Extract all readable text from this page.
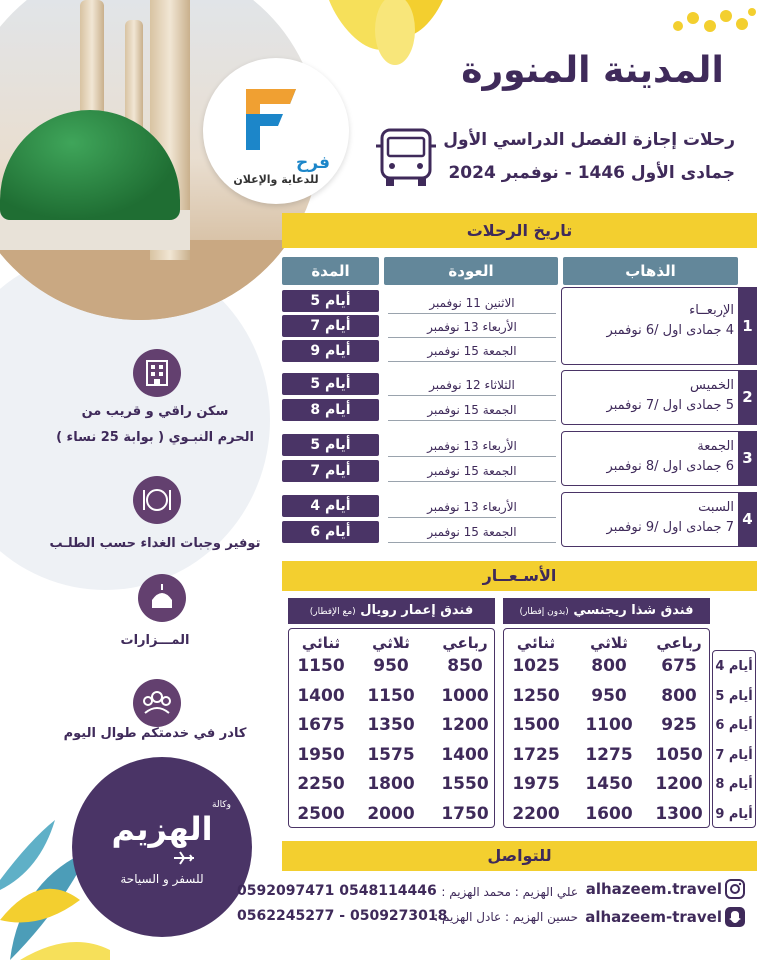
فرح
للدعاية والإعلان
المدينة المنورة
رحلات إجازة الفصل الدراسي الأول
جمادى الأول 1446 - نوفمبر 2024
تاريخ الرحلات
الذهاب
العودة
المدة
1
الإربعــاء
4 جمادى اول /6 نوفمبر
الاثنين 11 نوفمبر
الأربعاء 13 نوفمبر
الجمعة 15 نوفمبر
5 أيام
7 أيام
9 أيام
2
الخميس
5 جمادى اول /7 نوفمبر
الثلاثاء 12 نوفمبر
الجمعة 15 نوفمبر
5 أيام
8 أيام
3
الجمعة
6 جمادى اول /8 نوفمبر
الأربعاء 13 نوفمبر
الجمعة 15 نوفمبر
5 أيام
7 أيام
4
السبت
7 جمادى اول /9 نوفمبر
الأربعاء 13 نوفمبر
الجمعة 15 نوفمبر
4 أيام
6 أيام
الأسـعــار
فندق شذا ريجنسي (بدون إفطار)
فندق إعمار رويال (مع الإفطار)
رباعي
ثلاثي
ثنائي
رباعي
ثلاثي
ثنائي
4 أيام
675
800
1025
850
950
1150
5 أيام
800
950
1250
1000
1150
1400
6 أيام
925
1100
1500
1200
1350
1675
7 أيام
1050
1275
1725
1400
1575
1950
8 أيام
1200
1450
1975
1550
1800
2250
9 أيام
1300
1600
2200
1750
2000
2500
سكن راقي و قريب من
الحرم النبـوي ( بوابة 25 نساء )
توفير وجبات الغداء حسب الطلـب
المـــزارات
كادر في خدمتكم طوال اليوم
وكالة
الهزيم
للسفر و السياحة
للتواصل
0592097471 0548114446 علي الهزيم : محمد الهزيم :
0562245277 - 0509273018
حسين الهزيم : عادل الهزيم :
alhazeem.travel
alhazeem-travel
